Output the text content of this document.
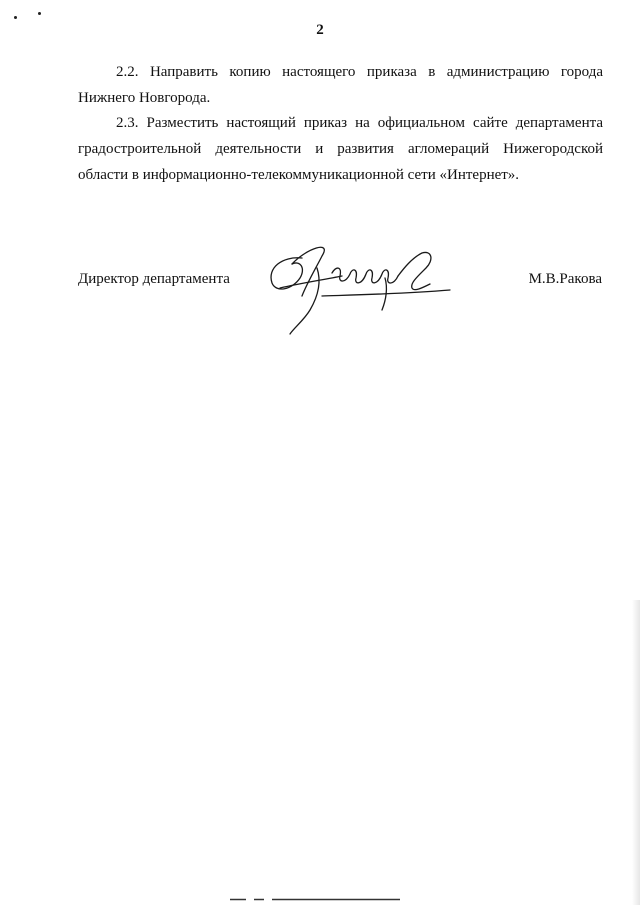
2

2.2. Направить копию настоящего приказа в администрацию города Нижнего Новгорода.

2.3. Разместить настоящий приказ на официальном сайте департамента градостроительной деятельности и развития агломераций Нижегородской области в информационно-телекоммуникационной сети «Интернет».

Директор департамента	М.В.Ракова
